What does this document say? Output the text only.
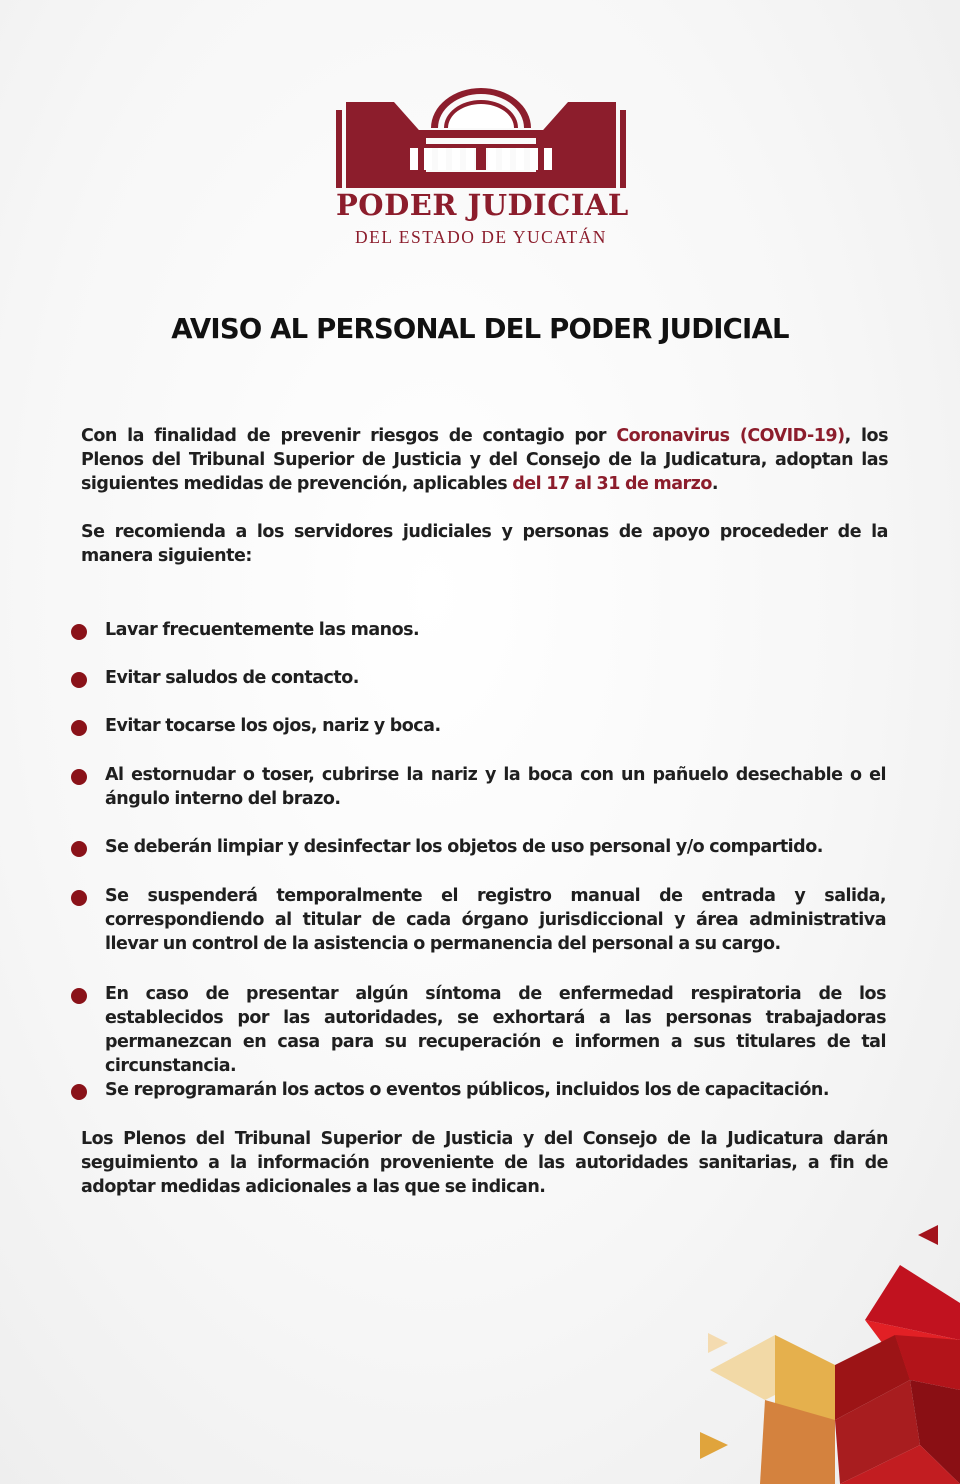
PODER JUDICIAL
DEL ESTADO DE YUCATÁN
AVISO AL PERSONAL DEL PODER JUDICIAL
Con la finalidad de prevenir riesgos de contagio por Coronavirus (COVID-19), los Plenos del Tribunal Superior de Justicia y del Consejo de la Judicatura, adoptan las siguientes medidas de prevención, aplicables del 17 al 31 de marzo.
Se recomienda a los servidores judiciales y personas de apoyo procededer de la manera siguiente:
Lavar frecuentemente las manos.
Evitar saludos de contacto.
Evitar tocarse los ojos, nariz y boca.
Al estornudar o toser, cubrirse la nariz y la boca con un pañuelo desechable o el ángulo interno del brazo.
Se deberán limpiar y desinfectar los objetos de uso personal y/o compartido.
Se suspenderá temporalmente el registro manual de entrada y salida, correspondiendo al titular de cada órgano jurisdiccional y área administrativa llevar un control de la asistencia o permanencia del personal a su cargo.
En caso de presentar algún síntoma de enfermedad respiratoria de los establecidos por las autoridades, se exhortará a las personas trabajadoras permanezcan en casa para su recuperación e informen a sus titulares de tal circunstancia.
Se reprogramarán los actos o eventos públicos, incluidos los de capacitación.
Los Plenos del Tribunal Superior de Justicia y del Consejo de la Judicatura darán seguimiento a la información proveniente de las autoridades sanitarias, a fin de adoptar medidas adicionales a las que se indican.
